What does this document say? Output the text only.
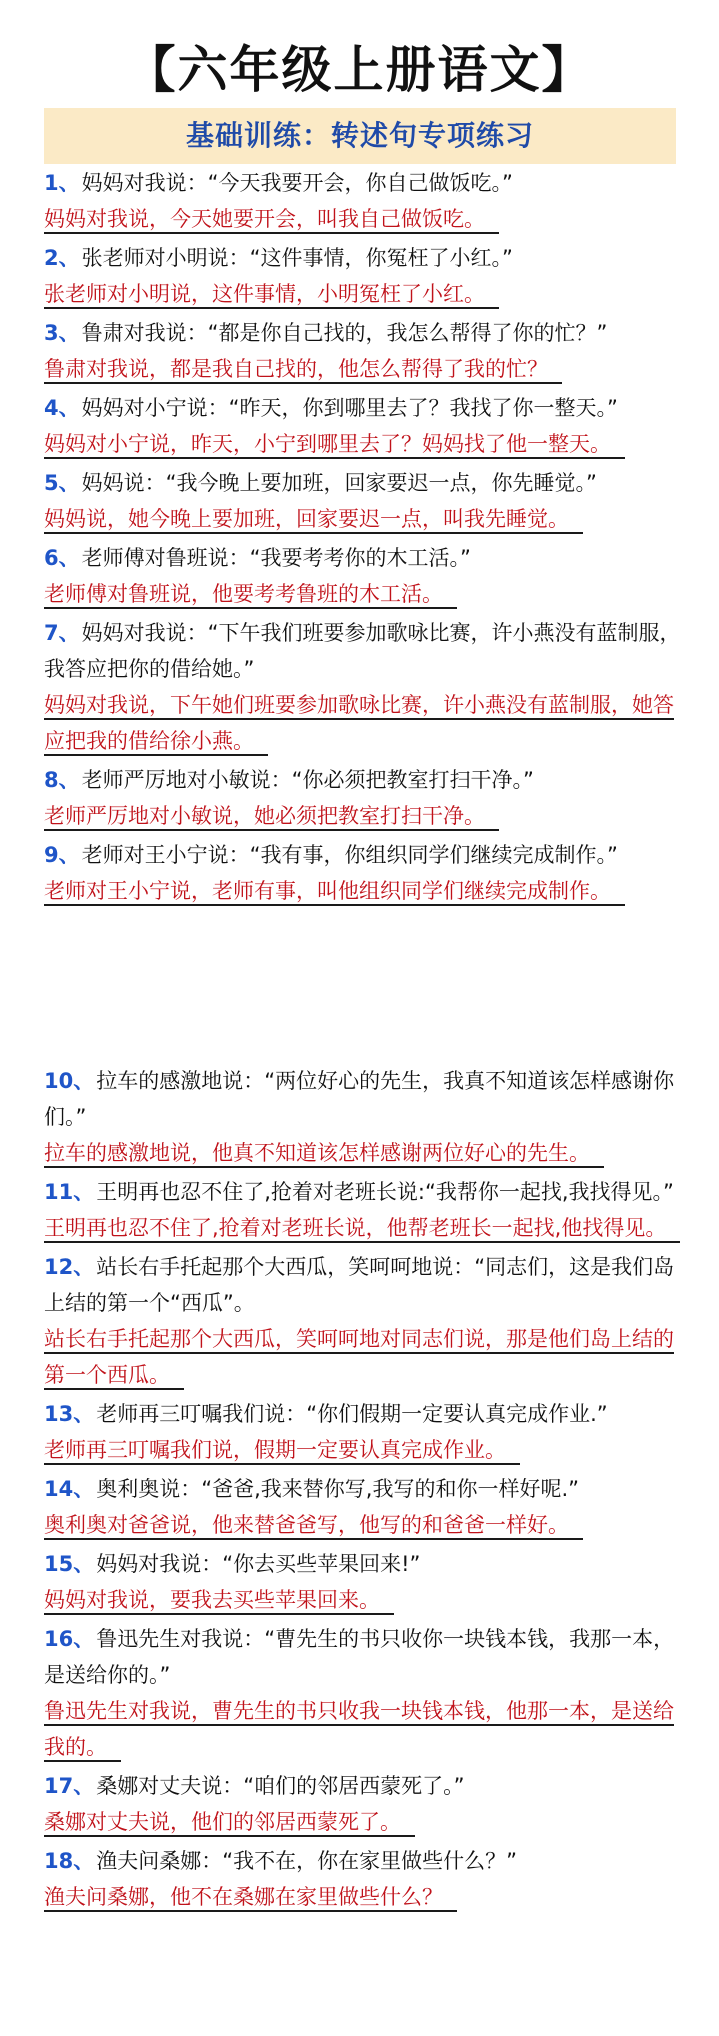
【六年级上册语文】
基础训练：转述句专项练习
1、妈妈对我说：“今天我要开会，你自己做饭吃。”
妈妈对我说，今天她要开会，叫我自己做饭吃。
2、张老师对小明说：“这件事情，你冤枉了小红。”
张老师对小明说，这件事情，小明冤枉了小红。
3、鲁肃对我说：“都是你自己找的，我怎么帮得了你的忙？”
鲁肃对我说，都是我自己找的，他怎么帮得了我的忙？
4、妈妈对小宁说：“昨天，你到哪里去了？我找了你一整天。”
妈妈对小宁说，昨天，小宁到哪里去了？妈妈找了他一整天。
5、妈妈说：“我今晚上要加班，回家要迟一点，你先睡觉。”
妈妈说，她今晚上要加班，回家要迟一点，叫我先睡觉。
6、老师傅对鲁班说：“我要考考你的木工活。”
老师傅对鲁班说，他要考考鲁班的木工活。
7、妈妈对我说：“下午我们班要参加歌咏比赛，许小燕没有蓝制服，我答应把你的借给她。”
妈妈对我说，下午她们班要参加歌咏比赛，许小燕没有蓝制服，她答应把我的借给徐小燕。
8、老师严厉地对小敏说：“你必须把教室打扫干净。”
老师严厉地对小敏说，她必须把教室打扫干净。
9、老师对王小宁说：“我有事，你组织同学们继续完成制作。”
老师对王小宁说，老师有事，叫他组织同学们继续完成制作。
10、拉车的感激地说：“两位好心的先生，我真不知道该怎样感谢你们。”
拉车的感激地说，他真不知道该怎样感谢两位好心的先生。
11、王明再也忍不住了,抢着对老班长说:“我帮你一起找,我找得见。”
王明再也忍不住了,抢着对老班长说，他帮老班长一起找,他找得见。
12、站长右手托起那个大西瓜，笑呵呵地说：“同志们，这是我们岛上结的第一个“西瓜”。
站长右手托起那个大西瓜，笑呵呵地对同志们说，那是他们岛上结的第一个西瓜。
13、老师再三叮嘱我们说：“你们假期一定要认真完成作业.”
老师再三叮嘱我们说，假期一定要认真完成作业。
14、奥利奥说：“爸爸,我来替你写,我写的和你一样好呢.”
奥利奥对爸爸说，他来替爸爸写，他写的和爸爸一样好。
15、妈妈对我说：“你去买些苹果回来!”
妈妈对我说，要我去买些苹果回来。
16、鲁迅先生对我说：“曹先生的书只收你一块钱本钱，我那一本，是送给你的。”
鲁迅先生对我说，曹先生的书只收我一块钱本钱，他那一本，是送给我的。
17、桑娜对丈夫说：“咱们的邻居西蒙死了。”
桑娜对丈夫说，他们的邻居西蒙死了。
18、渔夫问桑娜：“我不在，你在家里做些什么？”
渔夫问桑娜，他不在桑娜在家里做些什么？
